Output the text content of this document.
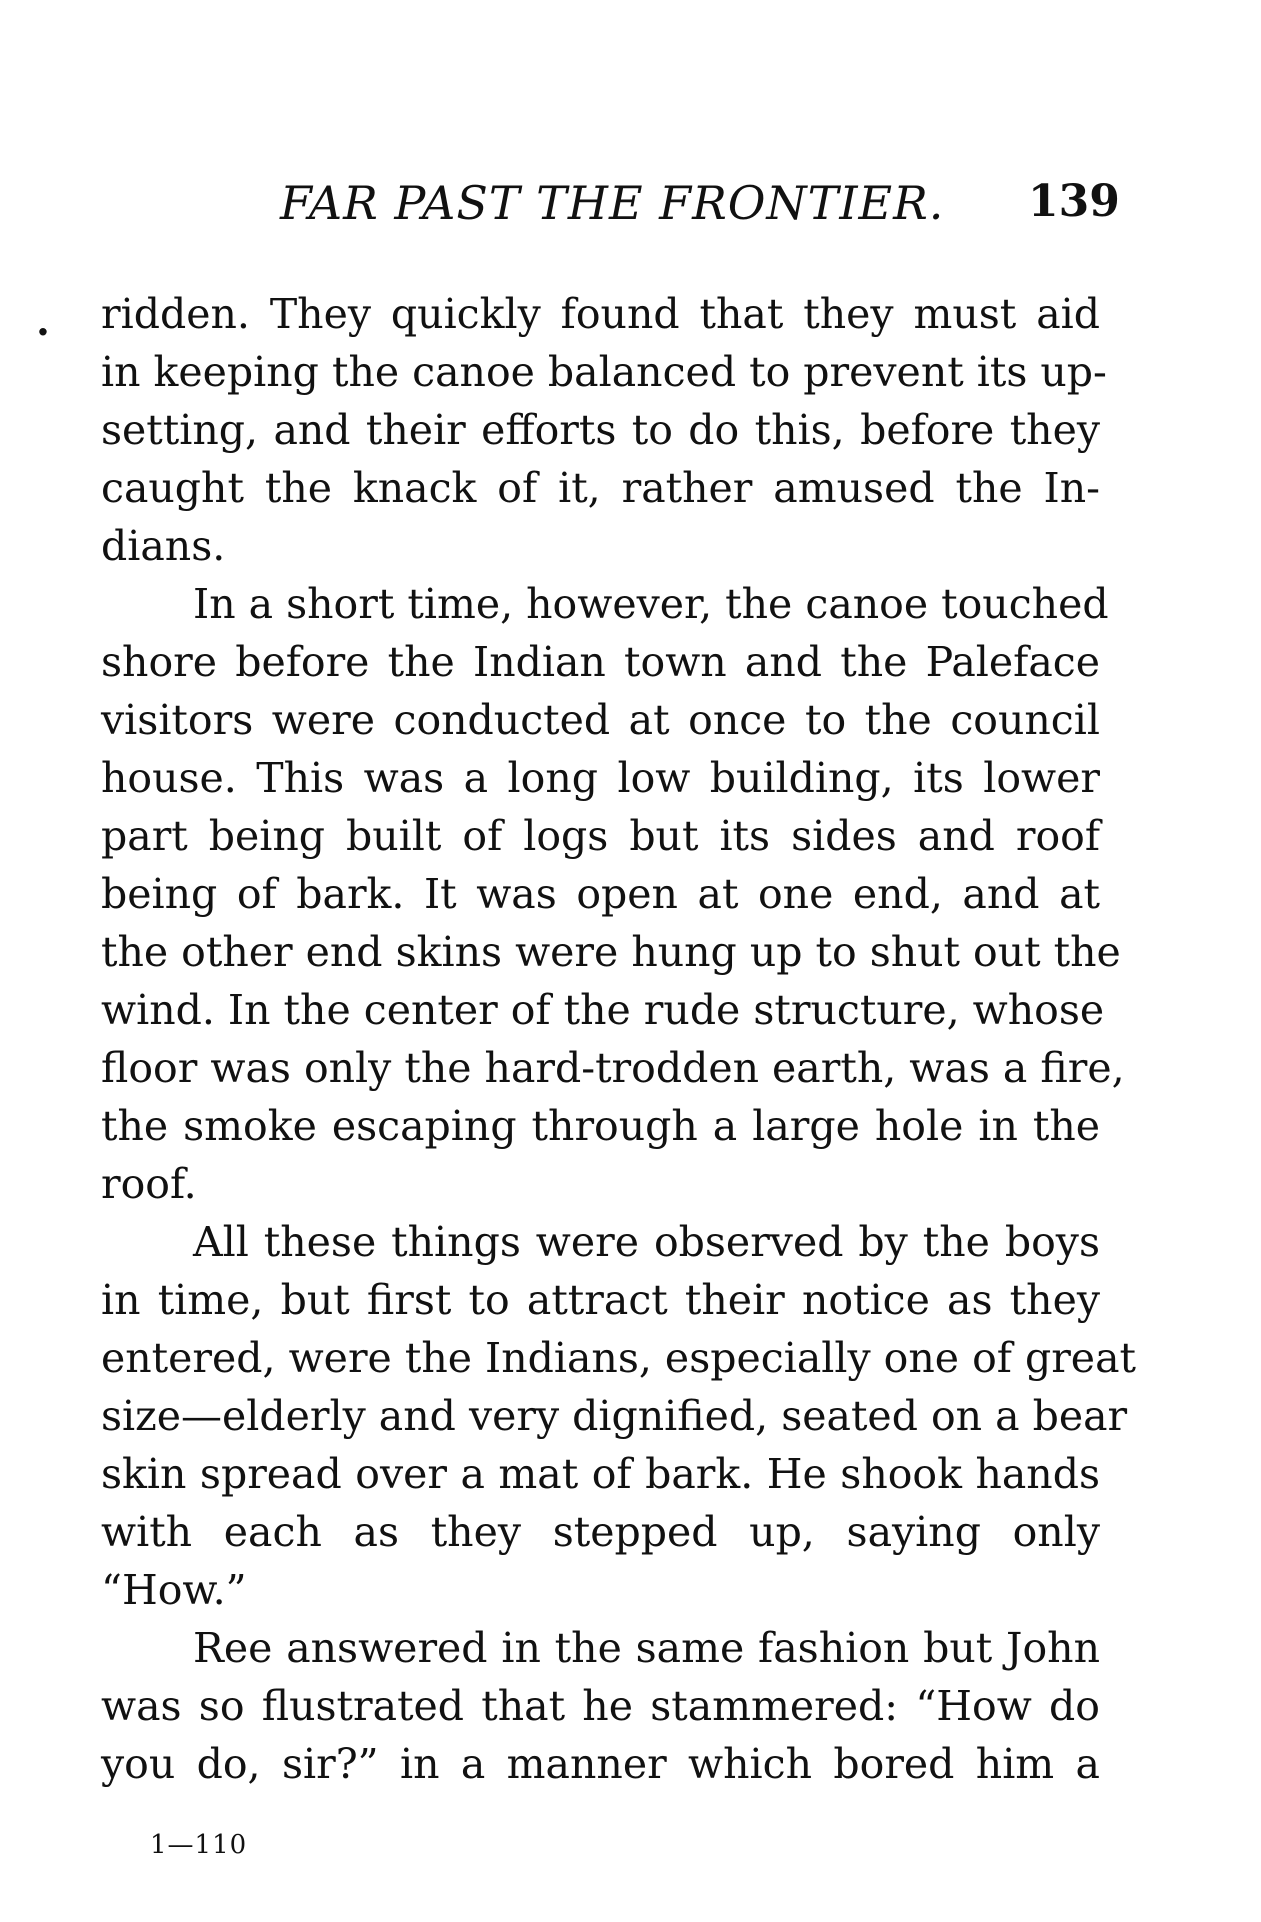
FAR PAST THE FRONTIER. 139
. ridden. They quickly found that they must aid
in keeping the canoe balanced to prevent its up-
setting, and their efforts to do this, before they
caught the knack of it, rather amused the In-
dians.
In a short time, however, the canoe touched
shore before the Indian town and the Paleface
visitors were conducted at once to the council
house. This was a long low building, its lower
part being built of logs but its sides and roof
being of bark. It was open at one end, and at
the other end skins were hung up to shut out the
wind. In the center of the rude structure, whose
floor was only the hard-trodden earth, was a fire,
the smoke escaping through a large hole in the
roof.
All these things were observed by the boys
in time, but first to attract their notice as they
entered, were the Indians, especially one of great
size—elderly and very dignified, seated on a bear
skin spread over a mat of bark. He shook hands
with each as they stepped up, saying only
“How.”
Ree answered in the same fashion but John
was so flustrated that he stammered: “How do
you do, sir?” in a manner which bored him a
1—110
